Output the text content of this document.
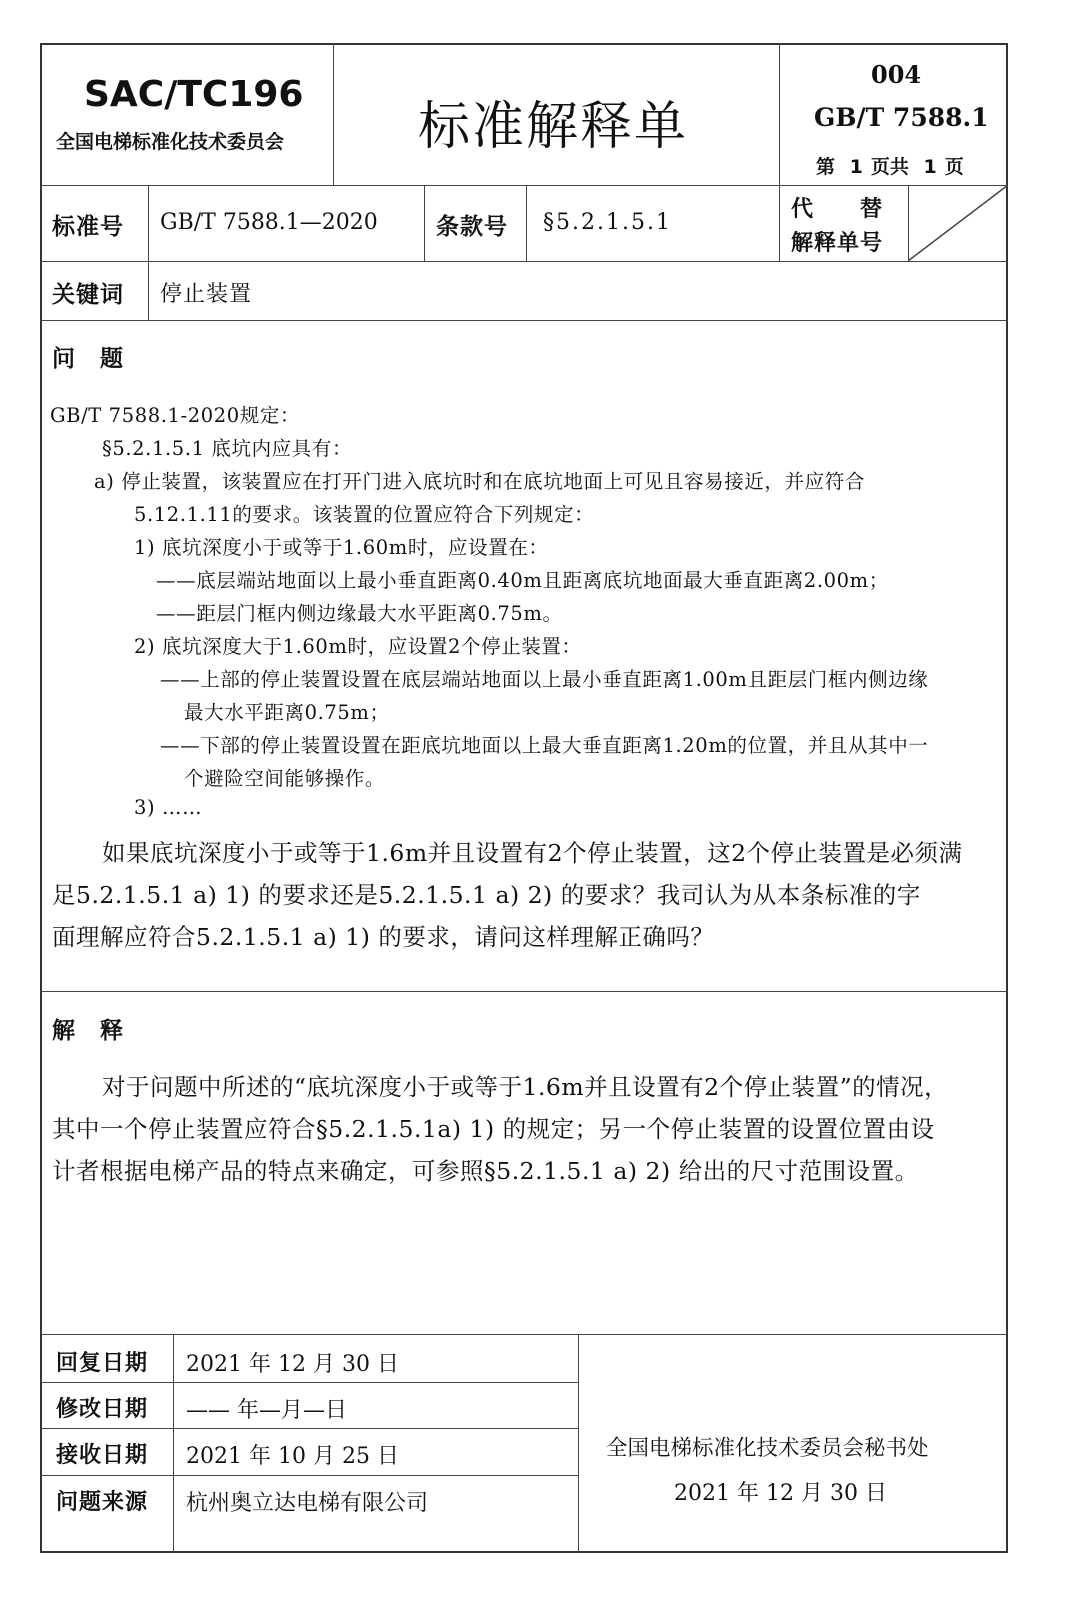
SAC/TC196
全国电梯标准化技术委员会	标准解释单
004
GB/T 7588.1
第 1 页共 1 页
标准号 GB/T 7588.1—2020	条款号 §5.2.1.5.1
代　　替
解释单号
关键词 停止装置
问　题
GB/T 7588.1-2020规定：
§5.2.1.5.1 底坑内应具有：
a) 停止装置，该装置应在打开门进入底坑时和在底坑地面上可见且容易接近，并应符合
5.12.1.11的要求。该装置的位置应符合下列规定：
1) 底坑深度小于或等于1.60m时，应设置在：
——底层端站地面以上最小垂直距离0.40m且距离底坑地面最大垂直距离2.00m；
——距层门框内侧边缘最大水平距离0.75m。
2) 底坑深度大于1.60m时，应设置2个停止装置：
——上部的停止装置设置在底层端站地面以上最小垂直距离1.00m且距层门框内侧边缘
最大水平距离0.75m；
——下部的停止装置设置在距底坑地面以上最大垂直距离1.20m的位置，并且从其中一
个避险空间能够操作。
3) ……
如果底坑深度小于或等于1.6m并且设置有2个停止装置，这2个停止装置是必须满
足5.2.1.5.1 a) 1) 的要求还是5.2.1.5.1 a) 2) 的要求？我司认为从本条标准的字
面理解应符合5.2.1.5.1 a) 1) 的要求，请问这样理解正确吗？
解　释
对于问题中所述的“底坑深度小于或等于1.6m并且设置有2个停止装置”的情况，
其中一个停止装置应符合§5.2.1.5.1a) 1) 的规定；另一个停止装置的设置位置由设
计者根据电梯产品的特点来确定，可参照§5.2.1.5.1 a) 2) 给出的尺寸范围设置。
回复日期 2021 年 12 月 30 日
修改日期 —— 年—月—日
接收日期 2021 年 10 月 25 日
问题来源 杭州奥立达电梯有限公司
全国电梯标准化技术委员会秘书处
2021 年 12 月 30 日
